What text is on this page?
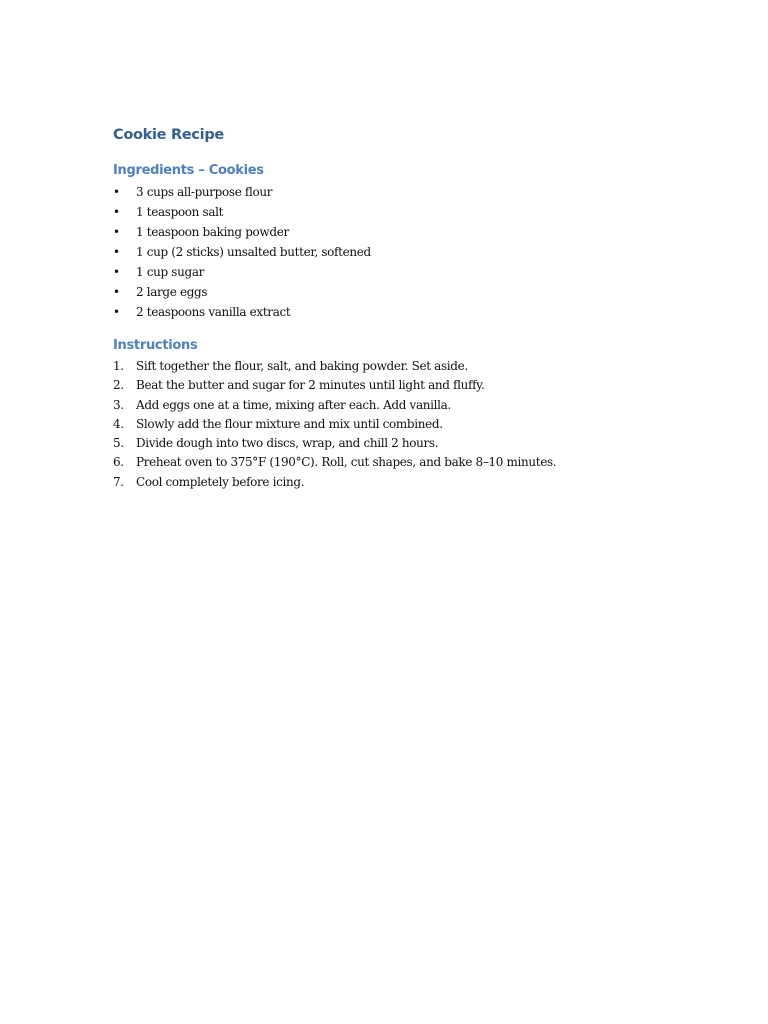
Cookie Recipe
Ingredients – Cookies
• 3 cups all-purpose flour
• 1 teaspoon salt
• 1 teaspoon baking powder
• 1 cup (2 sticks) unsalted butter, softened
• 1 cup sugar
• 2 large eggs
• 2 teaspoons vanilla extract
Instructions
1. Sift together the flour, salt, and baking powder. Set aside.
2. Beat the butter and sugar for 2 minutes until light and fluffy.
3. Add eggs one at a time, mixing after each. Add vanilla.
4. Slowly add the flour mixture and mix until combined.
5. Divide dough into two discs, wrap, and chill 2 hours.
6. Preheat oven to 375°F (190°C). Roll, cut shapes, and bake 8–10 minutes.
7. Cool completely before icing.
